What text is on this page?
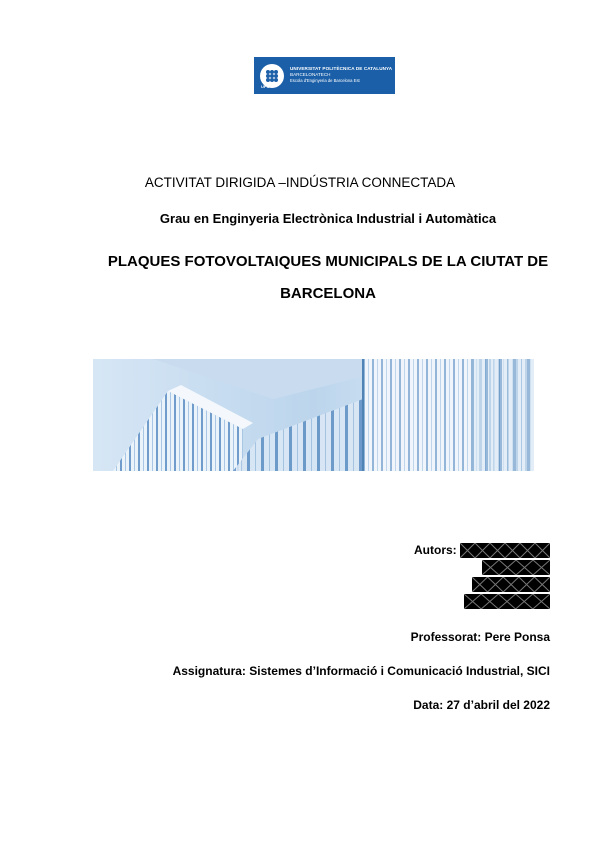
UPC
UNIVERSITAT POLITÈCNICA DE CATALUNYA
BARCELONATECH
Escola d'Enginyeria de Barcelona Est
ACTIVITAT DIRIGIDA –INDÚSTRIA CONNECTADA
Grau en Enginyeria Electrònica Industrial i Automàtica
PLAQUES FOTOVOLTAIQUES MUNICIPALS DE LA CIUTAT DE
BARCELONA
Autors:
Professorat: Pere Ponsa
Assignatura: Sistemes d’Informació i Comunicació Industrial, SICI
Data: 27 d’abril del 2022
